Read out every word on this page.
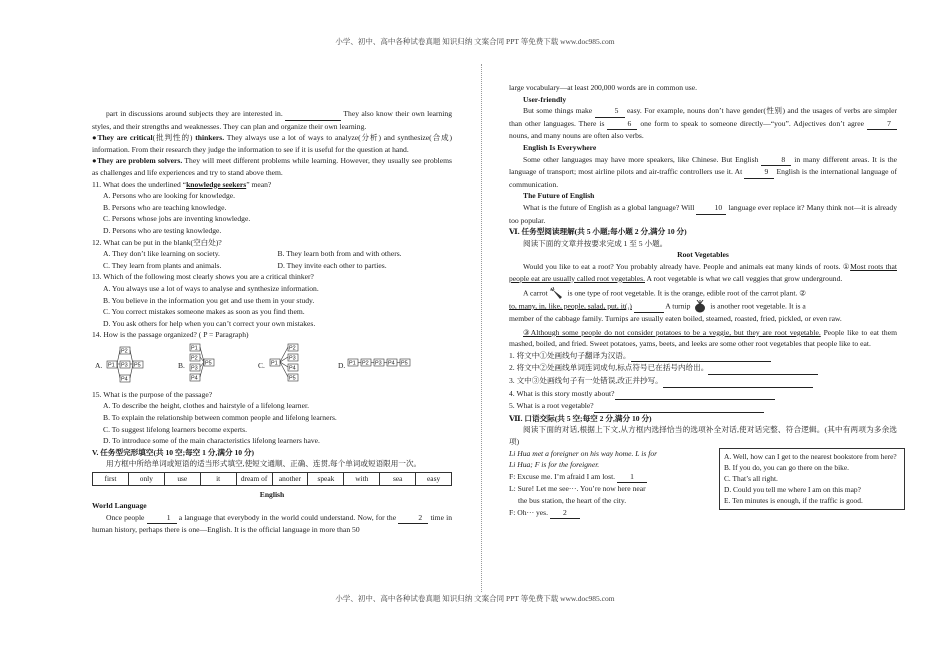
小学、初中、高中各种试卷真题 知识归纳 文案合同 PPT 等免费下载 www.doc985.com

part in discussions around subjects they are interested in.	They also know their own learning styles, and their strengths and weaknesses. They can plan and organize their own learning.

●They are critical(批判性的) thinkers. They always use a lot of ways to analyze(分析) and synthesize(合成) information. From their research they judge the information to see if it is useful for the question at hand.

●They are problem solvers. They will meet different problems while learning. However, they usually see problems as challenges and life experiences and try to stand above them.

11. What does the underlined “knowledge seekers” mean?
A. Persons who are looking for knowledge.
B. Persons who are teaching knowledge.
C. Persons whose jobs are inventing knowledge.
D. Persons who are testing knowledge.
12. What can be put in the blank(空白处)?
A. They don’t like learning on society.	B. They learn both from and with others.
C. They learn from plants and animals.	D. They invite each other to parties.
13. Which of the following most clearly shows you are a critical thinker?
A. You always use a lot of ways to analyse and synthesize information.
B. You believe in the information you get and use them in your study.
C. You correct mistakes someone makes as soon as you find them.
D. You ask others for help when you can’t correct your own mistakes.
14. How is the passage organized? ( P = Paragraph)
A. P1
P2
P3
P4
P5	B.
P1
P2
P3
P4
P5	C. P1
P2
P3
P4
P5
D. P1 P2 P3 P4 P5
15. What is the purpose of the passage?
A. To describe the height, clothes and hairstyle of a lifelong learner.
B. To explain the relationship between common people and lifelong learners.
C. To suggest lifelong learners become experts.
D. To introduce some of the main characteristics lifelong learners have.
V. 任务型完形填空(共 10 空;每空 1 分,满分 10 分)

用方框中所给单词或短语的适当形式填空,使短文通顺、正确、连贯,每个单词或短语限用一次。

first	only	use	it	dream of	another	speak	with	sea	easy
English
World Language

Once people	1 a language that everybody in the world could understand. Now, for the	2 time in human history, perhaps there is one—English. It is the official language in more than 50

large vocabulary—at least 200,000 words are in common use.
User-friendly

But some things make	5 easy. For example, nouns don’t have gender(性别) and the usages of verbs are simpler than other languages. There is	6 one form to speak to someone directly—“you”. Adjectives don’t agree	7 nouns, and many nouns are often also verbs.

English Is Everywhere

Some other languages may have more speakers, like Chinese. But English	8 in many different areas. It is the language of transport; most airline pilots and air-traffic controllers use it. At	9 English is the international language of communication.

The Future of English

What is the future of English as a global language? Will	10 language ever replace it? Many think not—it is already too popular.

Ⅵ. 任务型阅读理解(共 5 小题;每小题 2 分,满分 10 分)
阅读下面的文章并按要求完成 1 至 5 小题。
Root Vegetables

Would you like to eat a root? You probably already have. People and animals eat many kinds of roots. ①Most roots that people eat are usually called root vegetables. A root vegetable is what we call veggies that grow underground.

A carrot	is one type of root vegetable. It is the orange, edible root of the carrot plant. ②
to, many, in, like, people, salad, put, it(.)	A turnip	is another root vegetable. It is a
member of the cabbage family. Turnips are usually eaten boiled, steamed, roasted, fried, pickled, or even raw.

③Although some people do not consider potatoes to be a veggie, but they are root vegetable. People like to eat them mashed, boiled, and fried. Sweet potatoes, yams, beets, and leeks are some other root vegetables that people like to eat.

1. 将文中①处画线句子翻译为汉语。
2. 将文中②处画线单词连词成句,标点符号已在括号内给出。
3. 文中③处画线句子有一处错误,改正并抄写。
4. What is this story mostly about?
5. What is a root vegetable?
Ⅶ. 口语交际(共 5 空;每空 2 分,满分 10 分)

阅读下面的对话,根据上下文,从方框内选择恰当的选项补全对话,使对话完整、符合逻辑。(其中有两项为多余选项)

Li Hua met a foreigner on his way home. L is for
Li Hua; F is for the foreigner.
F: Excuse me. I’m afraid I am lost. 1
L: Sure! Let me see···. You’re now here near
the bus station, the heart of the city.
F: Oh··· yes. 2
A. Well, how can I get to the nearest bookstore from here?
B. If you do, you can go there on the bike.
C. That’s all right.
D. Could you tell me where I am on this map?
E. Ten minutes is enough, if the traffic is good.
小学、初中、高中各种试卷真题 知识归纳 文案合同 PPT 等免费下载 www.doc985.com
